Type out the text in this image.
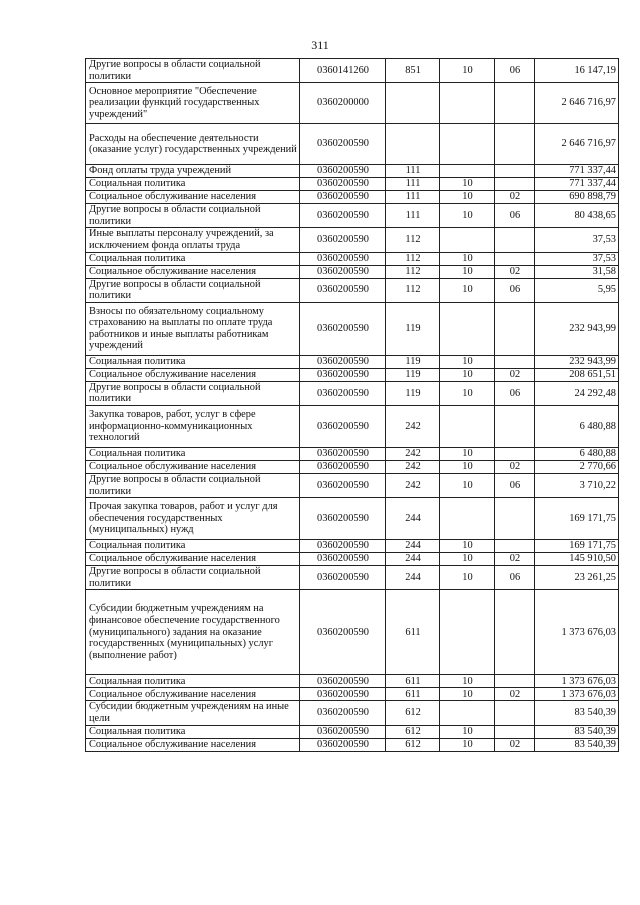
311
Другие вопросы в области социальной политики	0360141260	851	10	06	16 147,19
Основное мероприятие "Обеспечение реализации функций государственных учреждений"	0360200000				2 646 716,97
Расходы на обеспечение деятельности (оказание услуг) государственных учреждений	0360200590				2 646 716,97
Фонд оплаты труда учреждений	0360200590	111			771 337,44
Социальная политика	0360200590	111	10		771 337,44
Социальное обслуживание населения	0360200590	111	10	02	690 898,79
Другие вопросы в области социальной политики	0360200590	111	10	06	80 438,65
Иные выплаты персоналу учреждений, за исключением фонда оплаты труда	0360200590	112			37,53
Социальная политика	0360200590	112	10		37,53
Социальное обслуживание населения	0360200590	112	10	02	31,58
Другие вопросы в области социальной политики	0360200590	112	10	06	5,95
Взносы по обязательному социальному страхованию на выплаты по оплате труда работников и иные выплаты работникам учреждений	0360200590	119			232 943,99
Социальная политика	0360200590	119	10		232 943,99
Социальное обслуживание населения	0360200590	119	10	02	208 651,51
Другие вопросы в области социальной политики	0360200590	119	10	06	24 292,48
Закупка товаров, работ, услуг в сфере информационно-коммуникационных технологий	0360200590	242			6 480,88
Социальная политика	0360200590	242	10		6 480,88
Социальное обслуживание населения	0360200590	242	10	02	2 770,66
Другие вопросы в области социальной политики	0360200590	242	10	06	3 710,22
Прочая закупка товаров, работ и услуг для обеспечения государственных (муниципальных) нужд	0360200590	244			169 171,75
Социальная политика	0360200590	244	10		169 171,75
Социальное обслуживание населения	0360200590	244	10	02	145 910,50
Другие вопросы в области социальной политики	0360200590	244	10	06	23 261,25
Субсидии бюджетным учреждениям на финансовое обеспечение государственного (муниципального) задания на оказание государственных (муниципальных) услуг (выполнение работ)	0360200590	611			1 373 676,03
Социальная политика	0360200590	611	10		1 373 676,03
Социальное обслуживание населения	0360200590	611	10	02	1 373 676,03
Субсидии бюджетным учреждениям на иные цели	0360200590	612			83 540,39
Социальная политика	0360200590	612	10		83 540,39
Социальное обслуживание населения	0360200590	612	10	02	83 540,39
